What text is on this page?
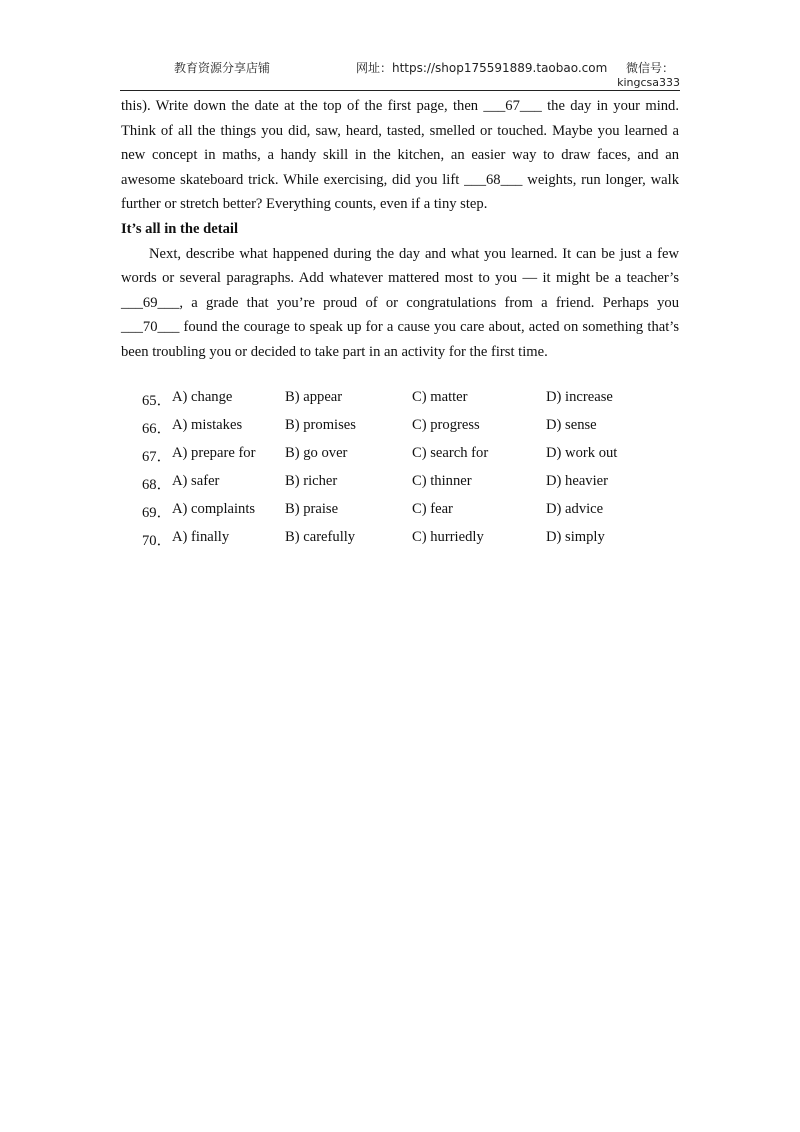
教育资源分享店铺	网址：https://shop175591889.taobao.com 微信号：
kingcsa333

this). Write down the date at the top of the first page, then ___67___ the day in your mind. Think of all the things you did, saw, heard, tasted, smelled or touched. Maybe you learned a new concept in maths, a handy skill in the kitchen, an easier way to draw faces, and an awesome skateboard trick. While exercising, did you lift ___68___ weights, run longer, walk further or stretch better? Everything counts, even if a tiny step.

It’s all in the detail

Next, describe what happened during the day and what you learned. It can be just a few words or several paragraphs. Add whatever mattered most to you — it might be a teacher’s ___69___, a grade that you’re proud of or congratulations from a friend. Perhaps you ___70___ found the courage to speak up for a cause you care about, acted on something that’s been troubling you or decided to take part in an activity for the first time.

65． A) change	B) appear	C) matter	D) increase
66． A) mistakes	B) promises	C) progress	D) sense
67． A) prepare for B) go over	C) search for	D) work out
68． A) safer	B) richer	C) thinner	D) heavier
69． A) complaints B) praise	C) fear	D) advice
70． A) finally	B) carefully	C) hurriedly	D) simply
